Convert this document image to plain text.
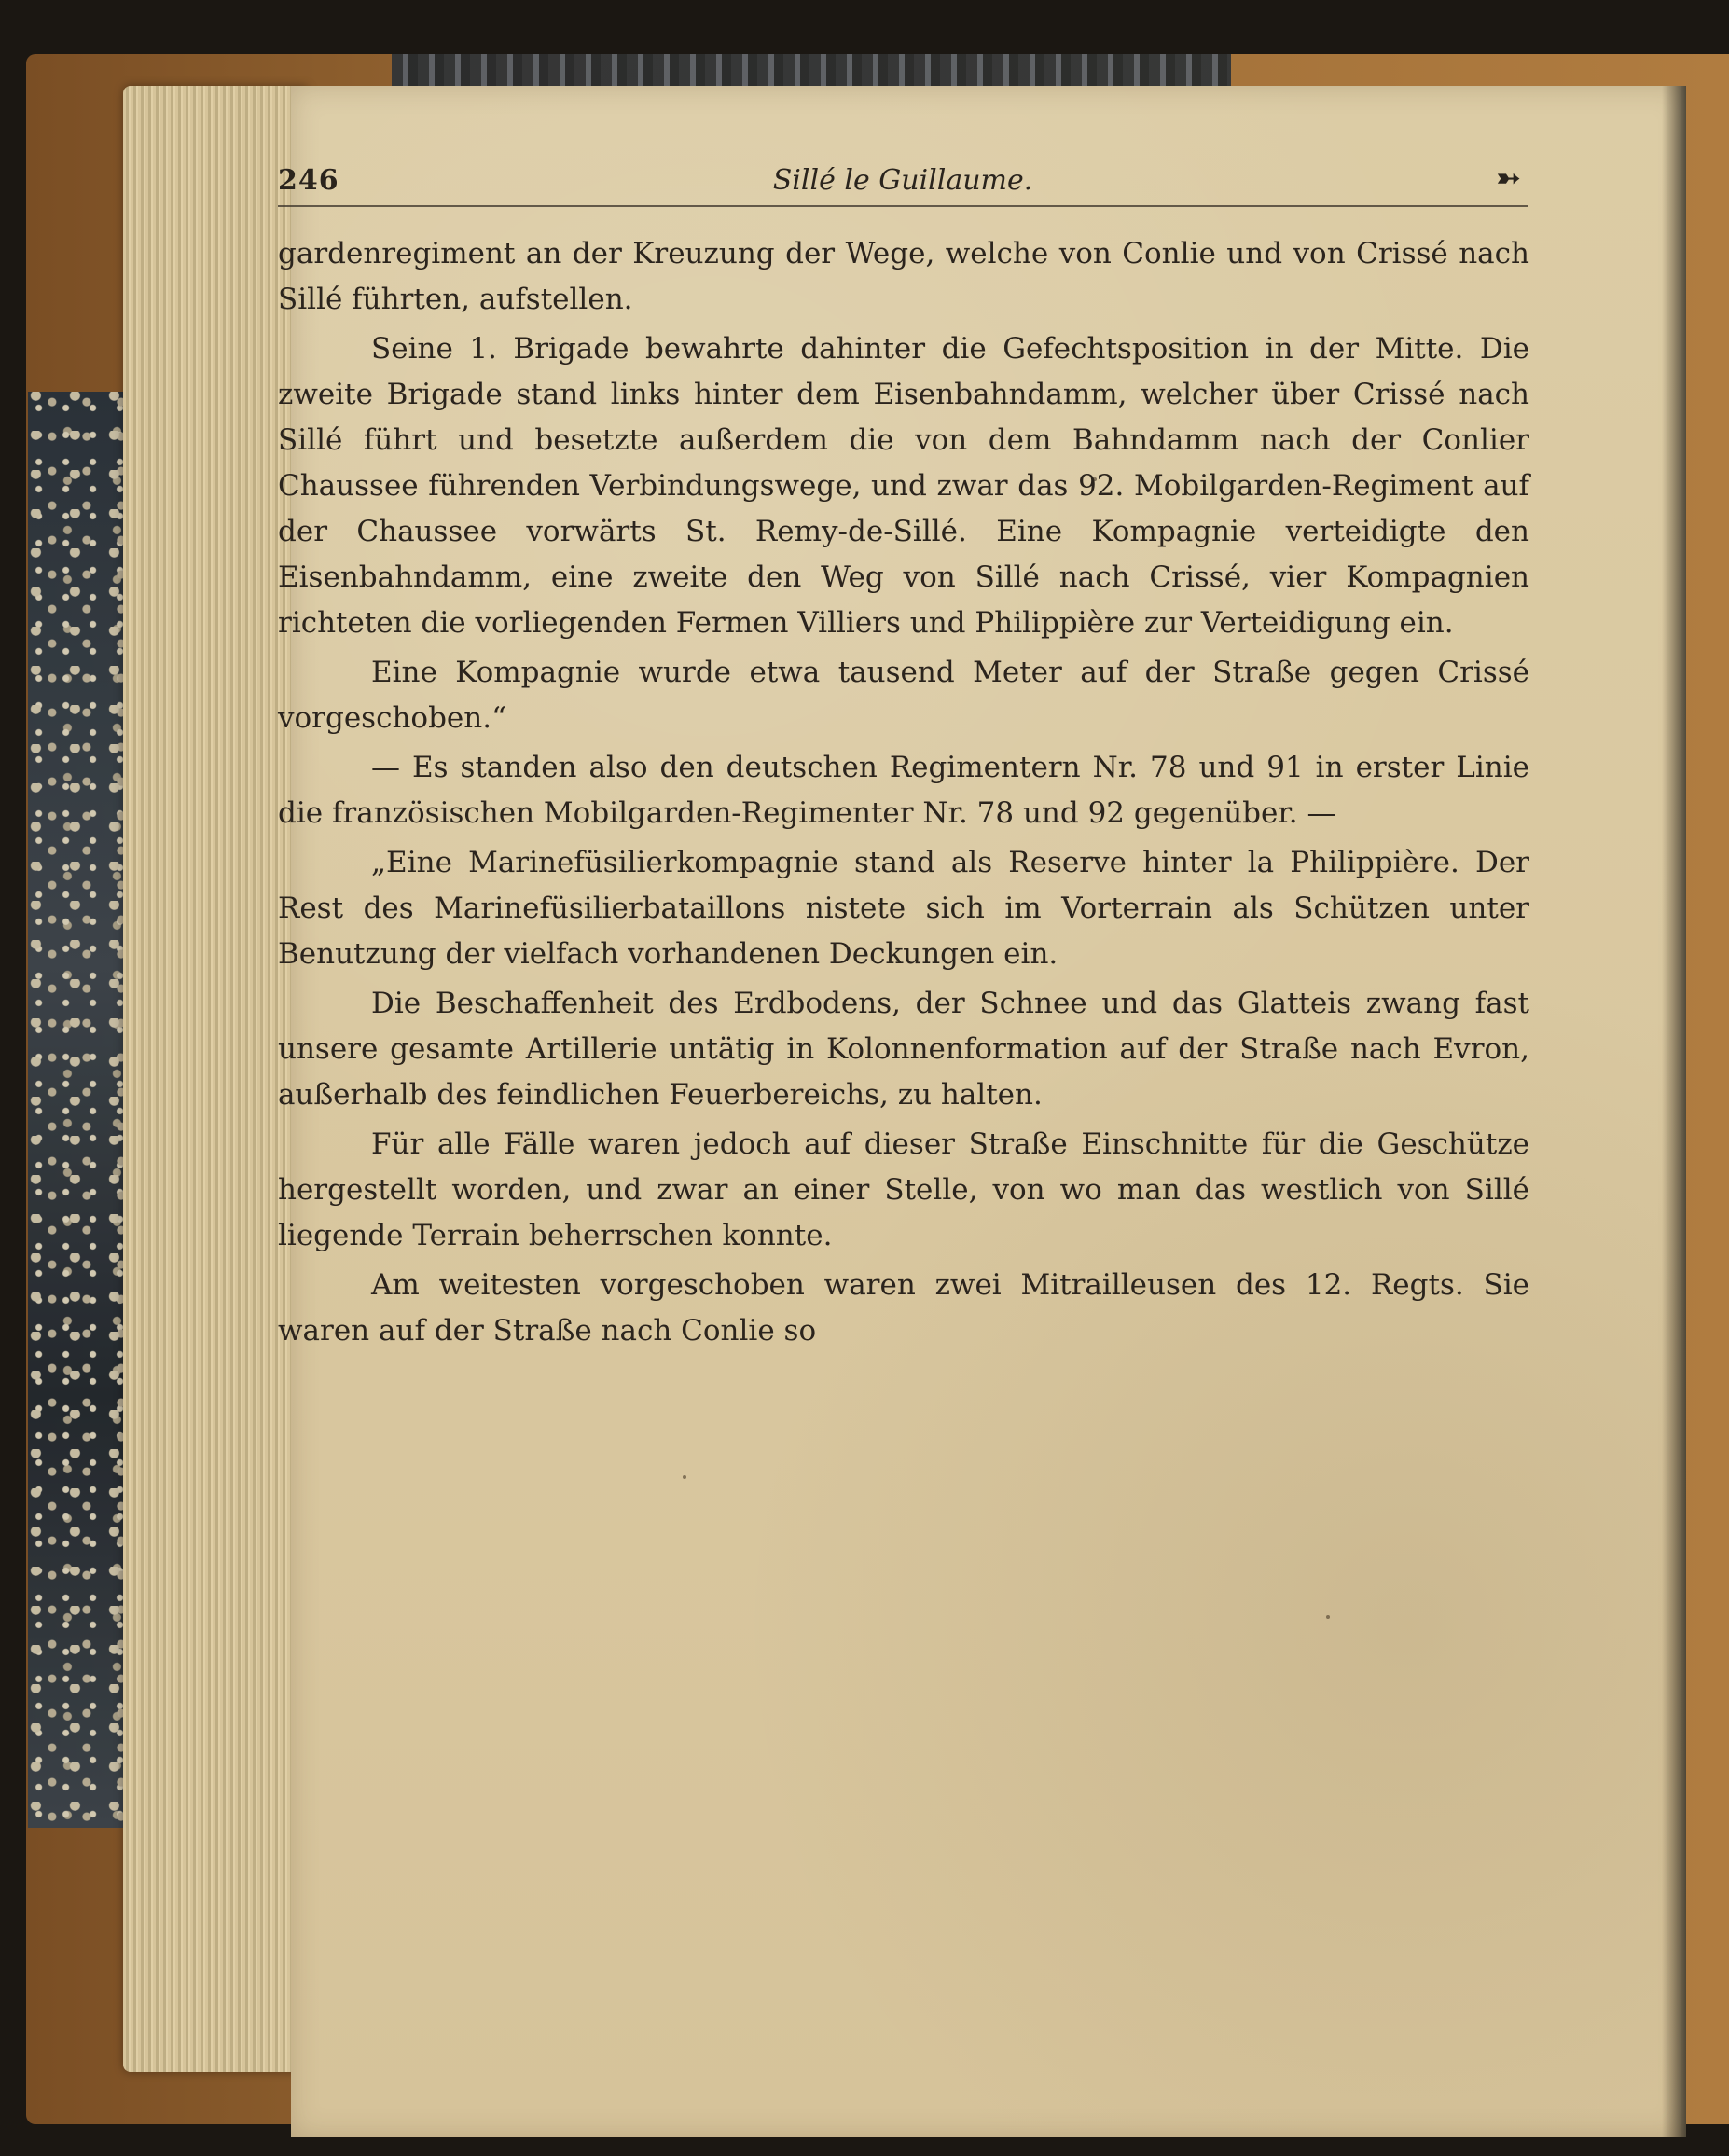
246	Sillé le Guillaume.	➳

gardenregiment an der Kreuzung der Wege, welche von Conlie und von Crissé nach Sillé führten, aufstellen.

Seine 1. Brigade bewahrte dahinter die Gefechtsposition in der Mitte. Die zweite Brigade stand links hinter dem Eisenbahndamm, welcher über Crissé nach Sillé führt und besetzte außerdem die von dem Bahndamm nach der Conlier Chaussee führenden Verbindungswege, und zwar das 92. Mobilgarden-Regiment auf der Chaussee vorwärts St. Remy-de-Sillé. Eine Kompagnie verteidigte den Eisenbahndamm, eine zweite den Weg von Sillé nach Crissé, vier Kompagnien richteten die vorliegenden Fermen Villiers und Philippière zur Verteidigung ein.

Eine Kompagnie wurde etwa tausend Meter auf der Straße gegen Crissé vorgeschoben.“

— Es standen also den deutschen Regimentern Nr. 78 und 91 in erster Linie die französischen Mobilgarden-Regimenter Nr. 78 und 92 gegenüber. —

„Eine Marinefüsilierkompagnie stand als Reserve hinter la Philippière. Der Rest des Marinefüsilierbataillons nistete sich im Vorterrain als Schützen unter Benutzung der vielfach vorhandenen Deckungen ein.

Die Beschaffenheit des Erdbodens, der Schnee und das Glatteis zwang fast unsere gesamte Artillerie untätig in Kolonnenformation auf der Straße nach Evron, außerhalb des feindlichen Feuerbereichs, zu halten.

Für alle Fälle waren jedoch auf dieser Straße Einschnitte für die Geschütze hergestellt worden, und zwar an einer Stelle, von wo man das westlich von Sillé liegende Terrain beherrschen konnte.

Am weitesten vorgeschoben waren zwei Mitrailleusen des 12. Regts. Sie waren auf der Straße nach Conlie so
